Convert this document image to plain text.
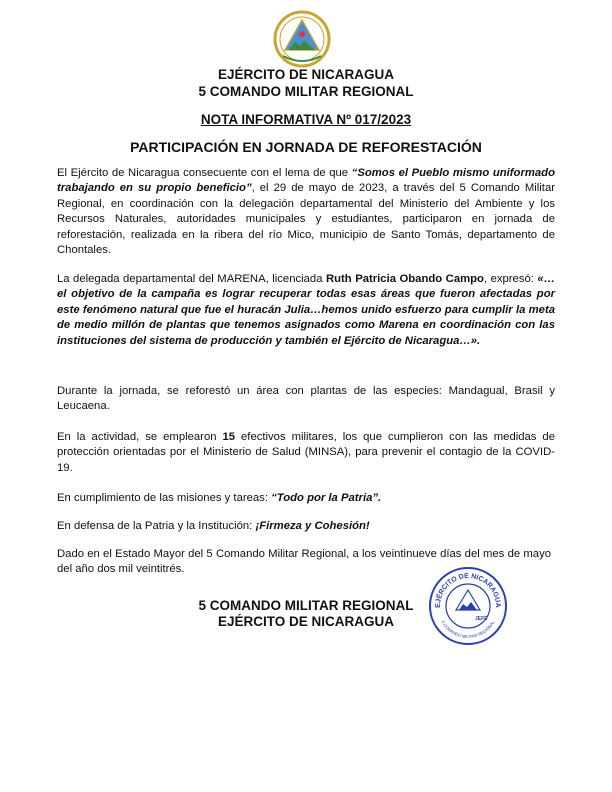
EJÉRCITO DE NICARAGUA
5 COMANDO MILITAR REGIONAL
NOTA INFORMATIVA Nº 017/2023
PARTICIPACIÓN EN JORNADA DE REFORESTACIÓN

El Ejército de Nicaragua consecuente con el lema de que “Somos el Pueblo mismo uniformado trabajando en su propio beneficio”, el 29 de mayo de 2023, a través del 5 Comando Militar Regional, en coordinación con la delegación departamental del Ministerio del Ambiente y los Recursos Naturales, autoridades municipales y estudiantes, participaron en jornada de reforestación, realizada en la ribera del río Mico, municipio de Santo Tomás, departamento de Chontales.

La delegada departamental del MARENA, licenciada Ruth Patricia Obando Campo, expresó: «…el objetivo de la campaña es lograr recuperar todas esas áreas que fueron afectadas por este fenómeno natural que fue el huracán Julia…hemos unido esfuerzo para cumplir la meta de medio millón de plantas que tenemos asignados como Marena en coordinación con las instituciones del sistema de producción y también el Ejército de Nicaragua…».

Durante la jornada, se reforestó un área con plantas de las especies: Mandagual, Brasil y Leucaena.

En la actividad, se emplearon 15 efectivos militares, los que cumplieron con las medidas de protección orientadas por el Ministerio de Salud (MINSA), para prevenir el contagio de la COVID-19.

En cumplimiento de las misiones y tareas: “Todo por la Patria”.

En defensa de la Patria y la Institución: ¡Firmeza y Cohesión!

Dado en el Estado Mayor del 5 Comando Militar Regional, a los veintinueve días del mes de mayo del año dos mil veintitrés.

5 COMANDO MILITAR REGIONAL
EJÉRCITO DE NICARAGUA
EJÉRCITO DE NICARAGUA
5 COMANDO MILITAR REGIONAL
JEFE
